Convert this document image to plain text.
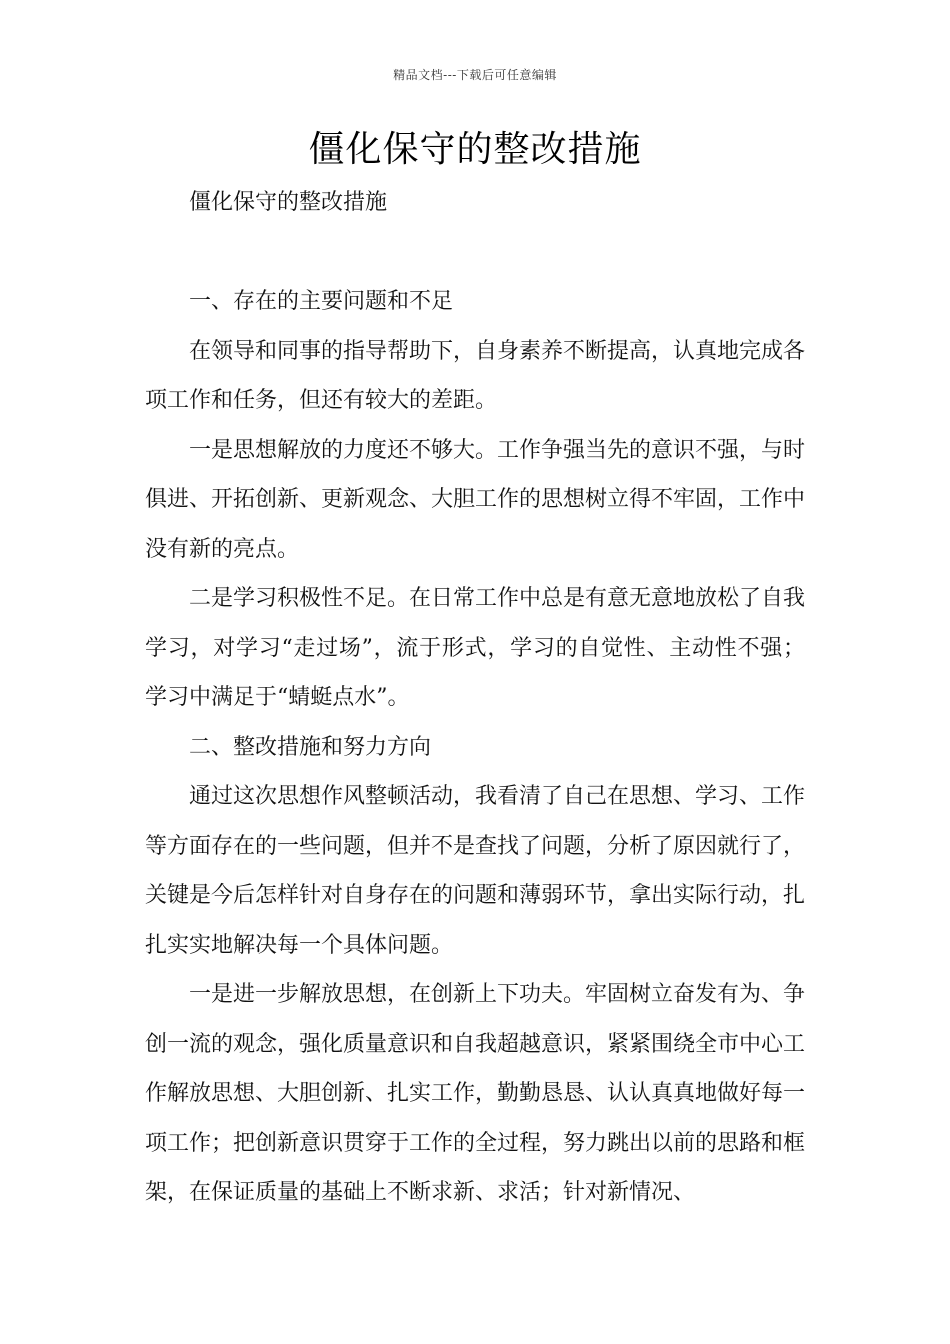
精品文档---下载后可任意编辑
僵化保守的整改措施

僵化保守的整改措施

一、存在的主要问题和不足

在领导和同事的指导帮助下，自身素养不断提高，认真地完成各项工作和任务，但还有较大的差距。

一是思想解放的力度还不够大。工作争强当先的意识不强，与时俱进、开拓创新、更新观念、大胆工作的思想树立得不牢固，工作中没有新的亮点。

二是学习积极性不足。在日常工作中总是有意无意地放松了自我学习，对学习“走过场”，流于形式，学习的自觉性、主动性不强；学习中满足于“蜻蜓点水”。

二、整改措施和努力方向

通过这次思想作风整顿活动，我看清了自己在思想、学习、工作等方面存在的一些问题，但并不是查找了问题，分析了原因就行了，关键是今后怎样针对自身存在的问题和薄弱环节，拿出实际行动，扎扎实实地解决每一个具体问题。

一是进一步解放思想，在创新上下功夫。牢固树立奋发有为、争创一流的观念，强化质量意识和自我超越意识，紧紧围绕全市中心工作解放思想、大胆创新、扎实工作，勤勤恳恳、认认真真地做好每一项工作；把创新意识贯穿于工作的全过程，努力跳出以前的思路和框架，在保证质量的基础上不断求新、求活；针对新情况、
